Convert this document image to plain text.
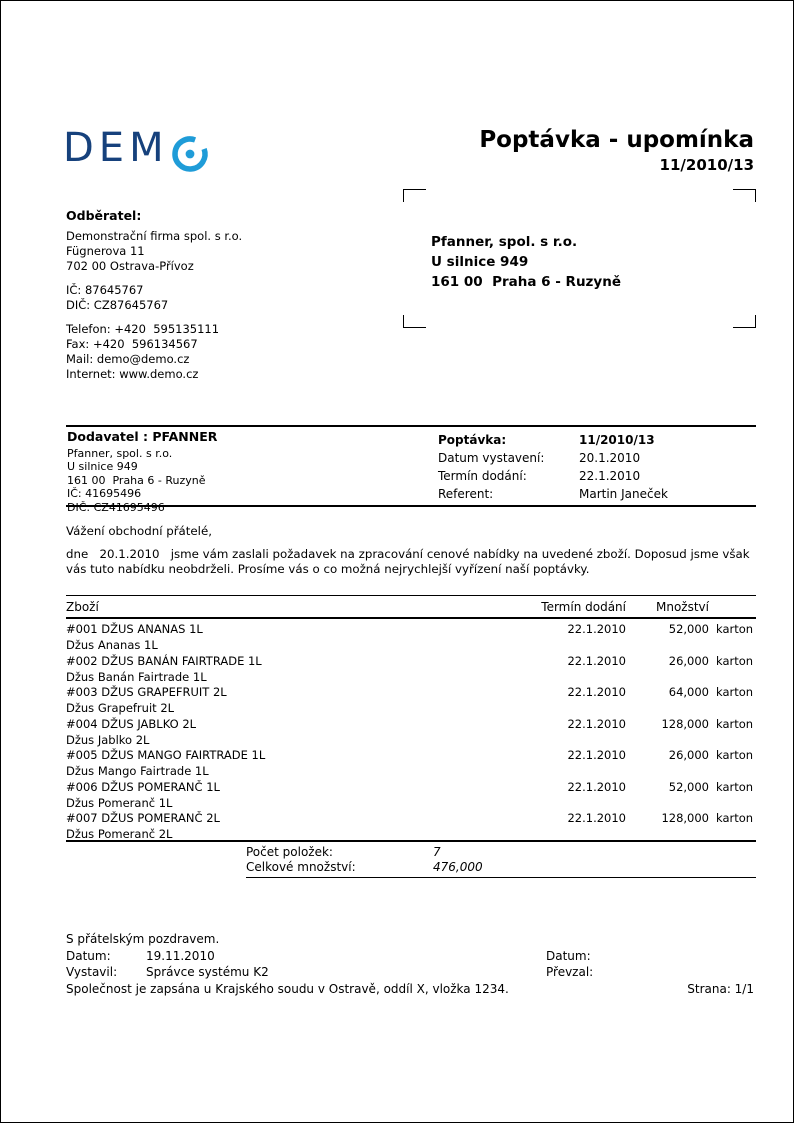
DEM	Poptávka - upomínka
11/2010/13
Odběratel:
Demonstrační firma spol. s r.o.
Fügnerova 11
702 00 Ostrava-Přívoz
IČ: 87645767
DIČ: CZ87645767
Telefon: +420  595135111
Fax: +420  596134567
Mail: demo@demo.cz
Internet: www.demo.cz
Pfanner, spol. s r.o.
U silnice 949
161 00  Praha 6 - Ruzyně
Dodavatel : PFANNER
Pfanner, spol. s r.o.
U silnice 949
161 00  Praha 6 - Ruzyně
IČ: 41695496
DIČ: CZ41695496
Poptávka:	11/2010/13
Datum vystavení:	20.1.2010
Termín dodání:	22.1.2010
Referent:	Martin Janeček
Vážení obchodní přátelé,
dne   20.1.2010   jsme vám zaslali požadavek na zpracování cenové nabídky na uvedené zboží. Doposud jsme však vás tuto nabídku neobdrželi. Prosíme vás o co možná nejrychlejší vyřízení naší poptávky.
Zboží	Termín dodání	Množství
#001 DŽUS ANANAS 1L	22.1.2010	52,000 karton
Džus Ananas 1L
#002 DŽUS BANÁN FAIRTRADE 1L	22.1.2010	26,000 karton
Džus Banán Fairtrade 1L
#003 DŽUS GRAPEFRUIT 2L	22.1.2010	64,000 karton
Džus Grapefruit 2L
#004 DŽUS JABLKO 2L	22.1.2010	128,000 karton
Džus Jablko 2L
#005 DŽUS MANGO FAIRTRADE 1L	22.1.2010	26,000 karton
Džus Mango Fairtrade 1L
#006 DŽUS POMERANČ 1L	22.1.2010	52,000 karton
Džus Pomeranč 1L
#007 DŽUS POMERANČ 2L	22.1.2010	128,000 karton
Džus Pomeranč 2L
Počet položek:	7
Celkové množství:	476,000
S přátelským pozdravem.
Datum:	19.11.2010	Datum:
Vystavil: Správce systému K2	Převzal:
Společnost je zapsána u Krajského soudu v Ostravě, oddíl X, vložka 1234.	Strana: 1/1
